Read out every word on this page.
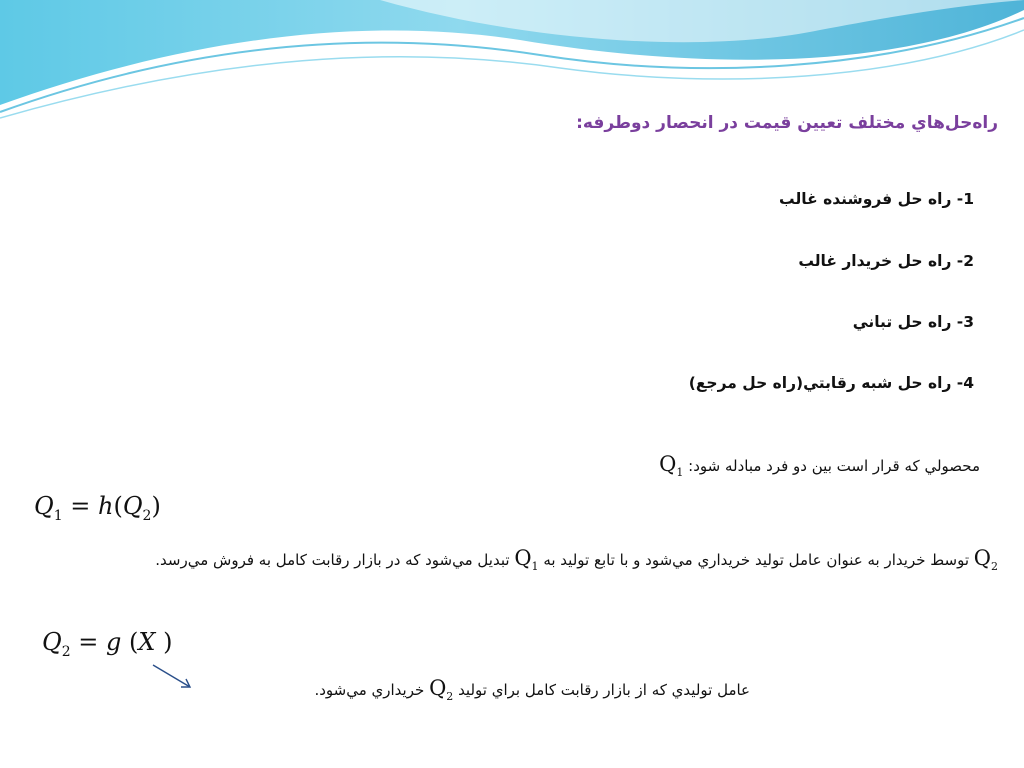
راه‌حل‌هاي مختلف تعيين قيمت در انحصار دوطرفه:
1- راه حل فروشنده غالب
2- راه حل خريدار غالب
3- راه حل تباني
4- راه حل شبه رقابتي(راه حل مرجع)
محصولي كه قرار است بين دو فرد مبادله شود: $Q_1$
$Q_1 = h(Q_2)$
$Q_2$ توسط خريدار به عنوان عامل توليد خريداري مي‌شود و با تابع توليد به $Q_1$ تبديل مي‌شود كه در بازار رقابت كامل به فروش مي‌رسد.
$Q_2 = g$ (X )
عامل توليدي كه از بازار رقابت كامل براي توليد $Q_2$ خريداري مي‌شود.
